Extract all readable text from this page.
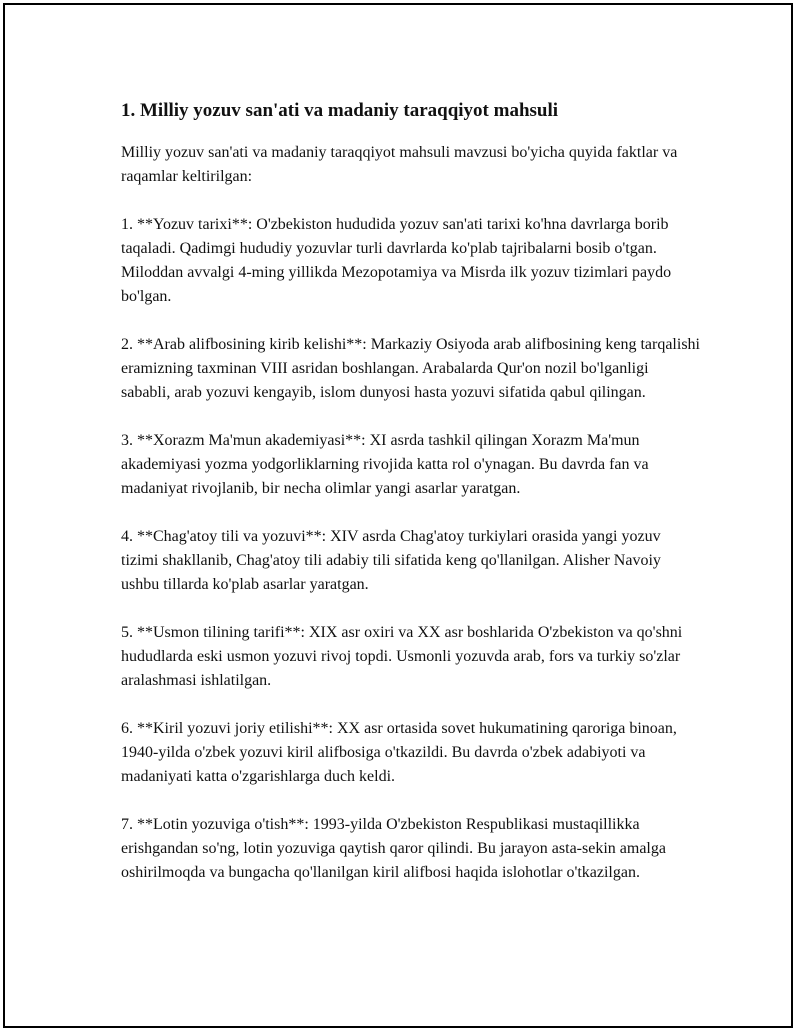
1. Milliy yozuv san'ati va madaniy taraqqiyot mahsuli

Milliy yozuv san'ati va madaniy taraqqiyot mahsuli mavzusi bo'yicha quyida faktlar va raqamlar keltirilgan:

1. **Yozuv tarixi**: O'zbekiston hududida yozuv san'ati tarixi ko'hna davrlarga borib taqaladi. Qadimgi hududiy yozuvlar turli davrlarda ko'plab tajribalarni bosib o'tgan. Miloddan avvalgi 4-ming yillikda Mezopotamiya va Misrda ilk yozuv tizimlari paydo bo'lgan.

2. **Arab alifbosining kirib kelishi**: Markaziy Osiyoda arab alifbosining keng tarqalishi eramizning taxminan VIII asridan boshlangan. Arabalarda Qur'on nozil bo'lganligi sababli, arab yozuvi kengayib, islom dunyosi hasta yozuvi sifatida qabul qilingan.

3. **Xorazm Ma'mun akademiyasi**: XI asrda tashkil qilingan Xorazm Ma'mun akademiyasi yozma yodgorliklarning rivojida katta rol o'ynagan. Bu davrda fan va madaniyat rivojlanib, bir necha olimlar yangi asarlar yaratgan.

4. **Chag'atoy tili va yozuvi**: XIV asrda Chag'atoy turkiylari orasida yangi yozuv tizimi shakllanib, Chag'atoy tili adabiy tili sifatida keng qo'llanilgan. Alisher Navoiy ushbu tillarda ko'plab asarlar yaratgan.

5. **Usmon tilining tarifi**: XIX asr oxiri va XX asr boshlarida O'zbekiston va qo'shni hududlarda eski usmon yozuvi rivoj topdi. Usmonli yozuvda arab, fors va turkiy so'zlar aralashmasi ishlatilgan.

6. **Kiril yozuvi joriy etilishi**: XX asr ortasida sovet hukumatining qaroriga binoan, 1940-yilda o'zbek yozuvi kiril alifbosiga o'tkazildi. Bu davrda o'zbek adabiyoti va madaniyati katta o'zgarishlarga duch keldi.

7. **Lotin yozuviga o'tish**: 1993-yilda O'zbekiston Respublikasi mustaqillikka erishgandan so'ng, lotin yozuviga qaytish qaror qilindi. Bu jarayon asta-sekin amalga oshirilmoqda va bungacha qo'llanilgan kiril alifbosi haqida islohotlar o'tkazilgan.
